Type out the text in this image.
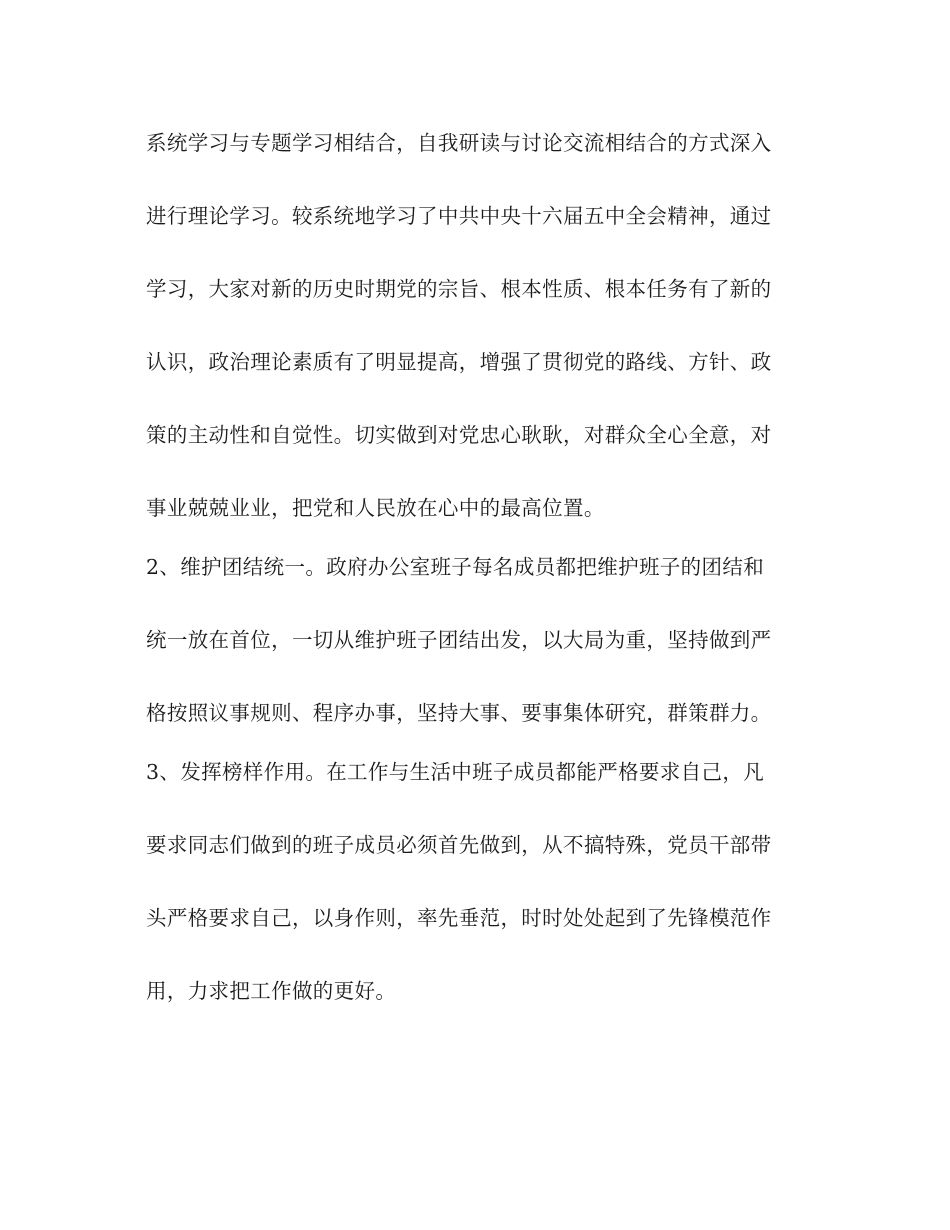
系统学习与专题学习相结合，自我研读与讨论交流相结合的方式深入
进行理论学习。较系统地学习了中共中央十六届五中全会精神，通过
学习，大家对新的历史时期党的宗旨、根本性质、根本任务有了新的
认识，政治理论素质有了明显提高，增强了贯彻党的路线、方针、政
策的主动性和自觉性。切实做到对党忠心耿耿，对群众全心全意，对
事业兢兢业业，把党和人民放在心中的最高位置。
2、维护团结统一。政府办公室班子每名成员都把维护班子的团结和
统一放在首位，一切从维护班子团结出发，以大局为重，坚持做到严
格按照议事规则、程序办事，坚持大事、要事集体研究，群策群力。
3、发挥榜样作用。在工作与生活中班子成员都能严格要求自己，凡
要求同志们做到的班子成员必须首先做到，从不搞特殊，党员干部带
头严格要求自己，以身作则，率先垂范，时时处处起到了先锋模范作
用，力求把工作做的更好。
